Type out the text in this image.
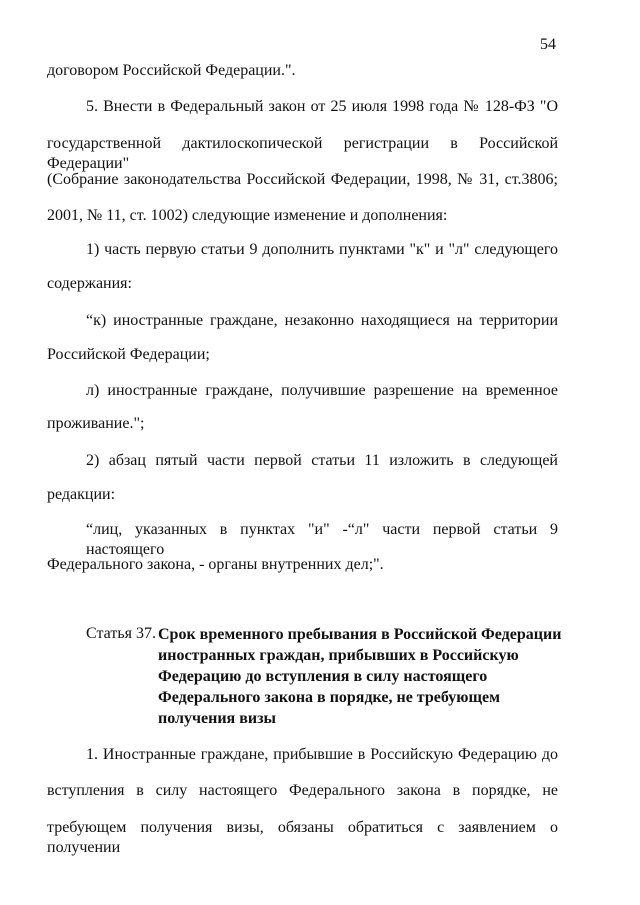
54
договором Российской Федерации.".
5. Внести в Федеральный закон от 25 июля 1998 года № 128-ФЗ "О
государственной дактилоскопической регистрации в Российской Федерации"
(Собрание законодательства Российской Федерации, 1998, № 31, ст.3806;
2001, № 11, ст. 1002) следующие изменение и дополнения:
1) часть первую статьи 9 дополнить пунктами "к" и "л" следующего
содержания:
“к) иностранные граждане, незаконно находящиеся на территории
Российской Федерации;
л) иностранные граждане, получившие разрешение на временное
проживание.";
2) абзац пятый части первой статьи 11 изложить в следующей
редакции:
“лиц, указанных в пунктах "и" -“л" части первой статьи 9 настоящего
Федерального закона, - органы внутренних дел;".
Статья 37. Срок временного пребывания в Российской Федерации
иностранных граждан, прибывших в Российскую
Федерацию до вступления в силу настоящего
Федерального закона в порядке, не требующем
получения визы
1. Иностранные граждане, прибывшие в Российскую Федерацию до
вступления в силу настоящего Федерального закона в порядке, не
требующем получения визы, обязаны обратиться с заявлением о получении
